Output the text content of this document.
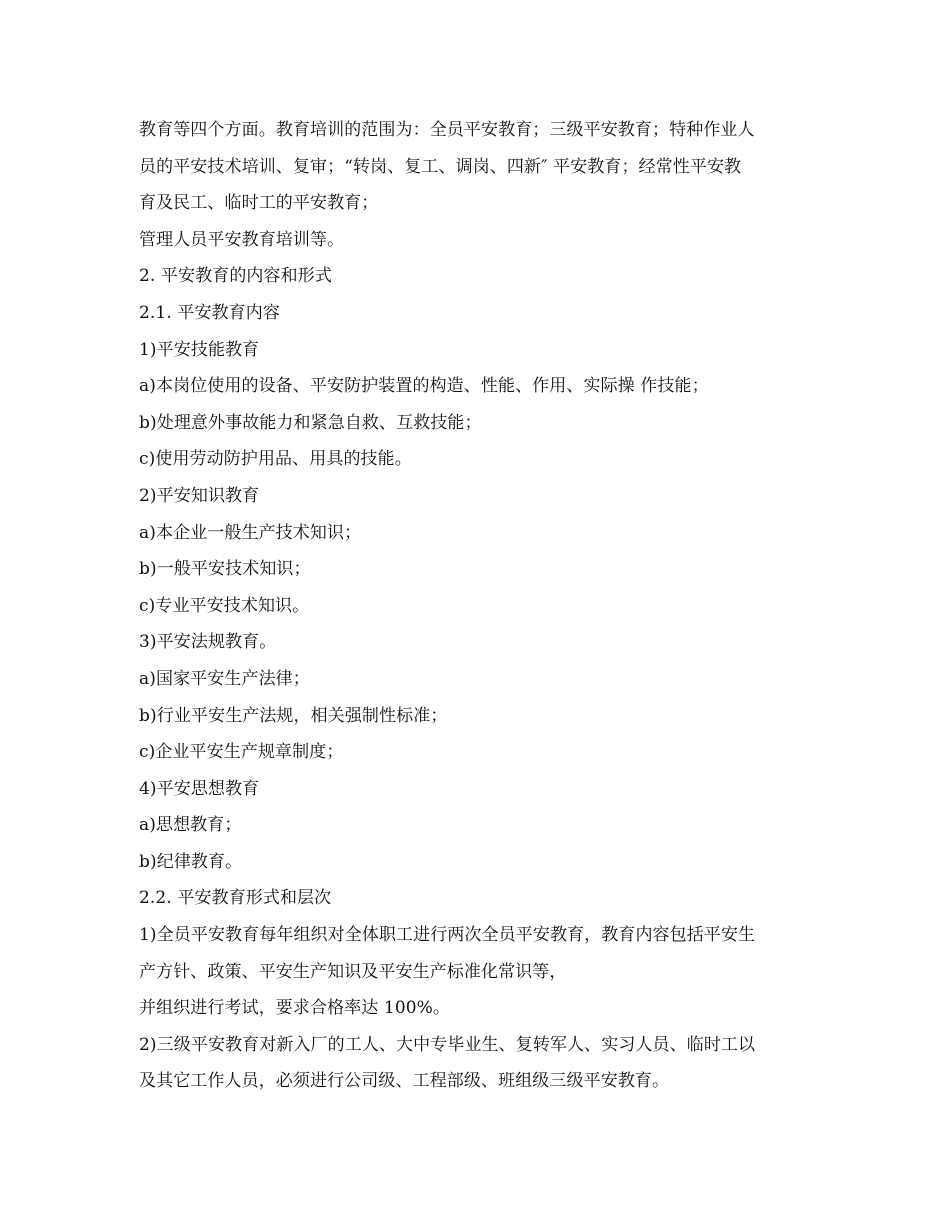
教育等四个方面。教育培训的范围为：全员平安教育；三级平安教育；特种作业人
员的平安技术培训、复审；“转岗、复工、调岗、四新″ 平安教育；经常性平安教
育及民工、临时工的平安教育；
管理人员平安教育培训等。
2. 平安教育的内容和形式
2.1. 平安教育内容
1)平安技能教育
a)本岗位使用的设备、平安防护装置的构造、性能、作用、实际操 作技能；
b)处理意外事故能力和紧急自救、互救技能；
c)使用劳动防护用品、用具的技能。
2)平安知识教育
a)本企业一般生产技术知识；
b)一般平安技术知识；
c)专业平安技术知识。
3)平安法规教育。
a)国家平安生产法律；
b)行业平安生产法规，相关强制性标准；
c)企业平安生产规章制度；
4)平安思想教育
a)思想教育；
b)纪律教育。
2.2. 平安教育形式和层次
1)全员平安教育每年组织对全体职工进行两次全员平安教育，教育内容包括平安生
产方针、政策、平安生产知识及平安生产标准化常识等，
并组织进行考试，要求合格率达 100%。
2)三级平安教育对新入厂的工人、大中专毕业生、复转军人、实习人员、临时工以
及其它工作人员，必须进行公司级、工程部级、班组级三级平安教育。
